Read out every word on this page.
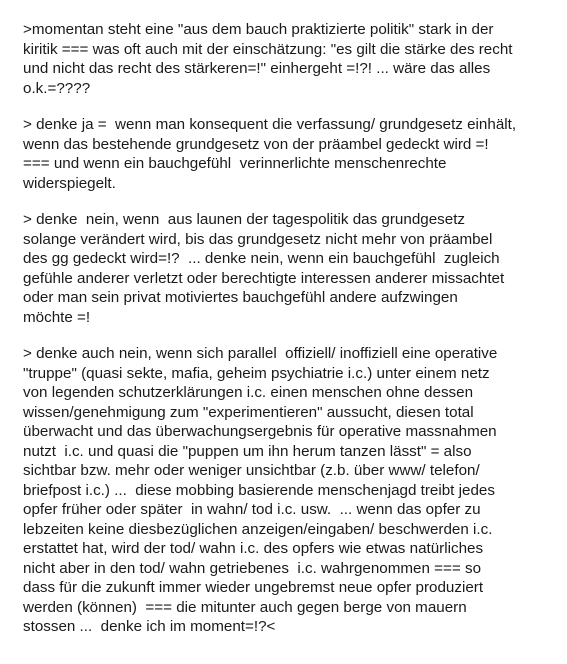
>momentan steht eine "aus dem bauch praktizierte politik" stark in der
kiritik === was oft auch mit der einschätzung: "es gilt die stärke des recht
und nicht das recht des stärkeren=!" einhergeht =!?! ... wäre das alles
o.k.=????

> denke ja =  wenn man konsequent die verfassung/ grundgesetz einhält,
wenn das bestehende grundgesetz von der präambel gedeckt wird =!
=== und wenn ein bauchgefühl  verinnerlichte menschenrechte
widerspiegelt.

> denke  nein, wenn  aus launen der tagespolitik das grundgesetz
solange verändert wird, bis das grundgesetz nicht mehr von präambel
des gg gedeckt wird=!?  ... denke nein, wenn ein bauchgefühl  zugleich
gefühle anderer verletzt oder berechtigte interessen anderer missachtet
oder man sein privat motiviertes bauchgefühl andere aufzwingen
möchte =!

> denke auch nein, wenn sich parallel  offiziell/ inoffiziell eine operative
"truppe" (quasi sekte, mafia, geheim psychiatrie i.c.) unter einem netz
von legenden schutzerklärungen i.c. einen menschen ohne dessen
wissen/genehmigung zum "experimentieren" aussucht, diesen total
überwacht und das überwachungsergebnis für operative massnahmen
nutzt  i.c. und quasi die "puppen um ihn herum tanzen lässt" = also
sichtbar bzw. mehr oder weniger unsichtbar (z.b. über www/ telefon/
briefpost i.c.) ...  diese mobbing basierende menschenjagd treibt jedes
opfer früher oder später  in wahn/ tod i.c. usw.  ... wenn das opfer zu
lebzeiten keine diesbezüglichen anzeigen/eingaben/ beschwerden i.c.
erstattet hat, wird der tod/ wahn i.c. des opfers wie etwas natürliches
nicht aber in den tod/ wahn getriebenes  i.c. wahrgenommen === so
dass für die zukunft immer wieder ungebremst neue opfer produziert
werden (können)  === die mitunter auch gegen berge von mauern
stossen ...  denke ich im moment=!?<
